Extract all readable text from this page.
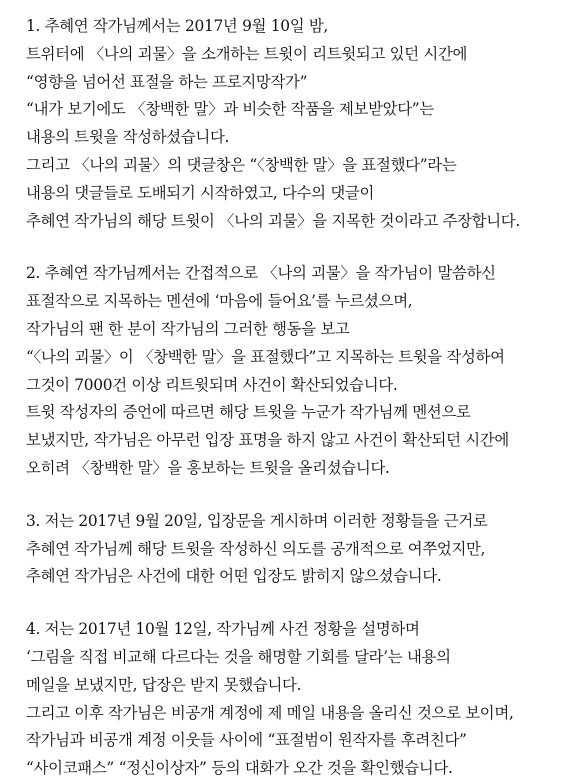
1. 추혜연 작가님께서는 2017년 9월 10일 밤,
트위터에 〈나의 괴물〉을 소개하는 트윗이 리트윗되고 있던 시간에
“영향을 넘어선 표절을 하는 프로지망작가”
“내가 보기에도 〈창백한 말〉과 비슷한 작품을 제보받았다”는
내용의 트윗을 작성하셨습니다.
그리고 〈나의 괴물〉의 댓글창은 “〈창백한 말〉을 표절했다”라는
내용의 댓글들로 도배되기 시작하였고, 다수의 댓글이
추혜연 작가님의 해당 트윗이 〈나의 괴물〉을 지목한 것이라고 주장합니다.
2. 추혜연 작가님께서는 간접적으로 〈나의 괴물〉을 작가님이 말씀하신
표절작으로 지목하는 멘션에 ‘마음에 들어요’를 누르셨으며,
작가님의 팬 한 분이 작가님의 그러한 행동을 보고
“〈나의 괴물〉이 〈창백한 말〉을 표절했다”고 지목하는 트윗을 작성하여
그것이 7000건 이상 리트윗되며 사건이 확산되었습니다.
트윗 작성자의 증언에 따르면 해당 트윗을 누군가 작가님께 멘션으로
보냈지만, 작가님은 아무런 입장 표명을 하지 않고 사건이 확산되던 시간에
오히려 〈창백한 말〉을 홍보하는 트윗을 올리셨습니다.
3. 저는 2017년 9월 20일, 입장문을 게시하며 이러한 정황들을 근거로
추혜연 작가님께 해당 트윗을 작성하신 의도를 공개적으로 여쭈었지만,
추혜연 작가님은 사건에 대한 어떤 입장도 밝히지 않으셨습니다.
4. 저는 2017년 10월 12일, 작가님께 사건 정황을 설명하며
‘그림을 직접 비교해 다르다는 것을 해명할 기회를 달라’는 내용의
메일을 보냈지만, 답장은 받지 못했습니다.
그리고 이후 작가님은 비공개 계정에 제 메일 내용을 올리신 것으로 보이며,
작가님과 비공개 계정 이웃들 사이에 “표절범이 원작자를 후려친다”
“사이코패스” “정신이상자” 등의 대화가 오간 것을 확인했습니다.
